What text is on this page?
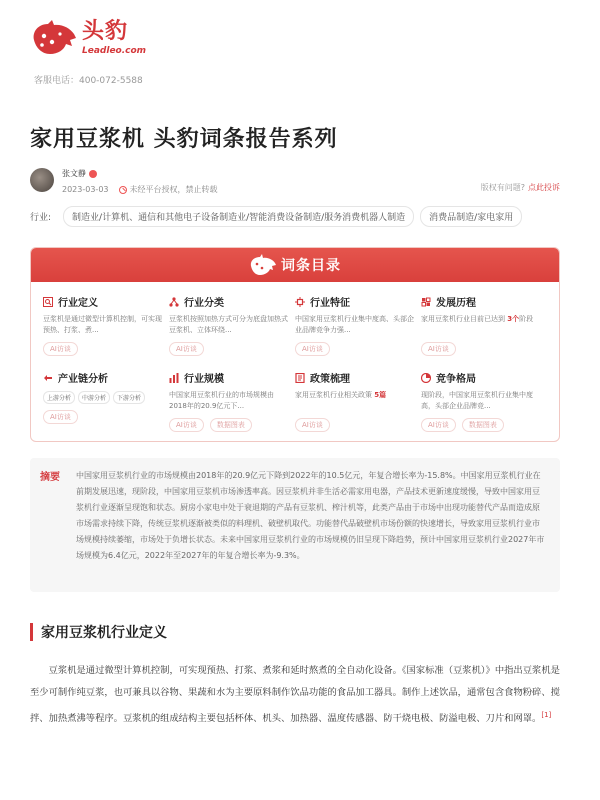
头豹
Leadleo.com
客服电话：400-072-5588
家用豆浆机 头豹词条报告系列
张文静
2023-03-03	未经平台授权，禁止转载	版权有问题? 点此投诉
行业:	制造业/计算机、通信和其他电子设备制造业/智能消费设备制造/服务消费机器人制造	消费品制造/家电家用
词条目录
行业定义
豆浆机是通过微型计算机控制，可实现预热、打浆、煮...
AI访谈
行业分类
豆浆机按照加热方式可分为底盘加热式豆浆机、立体环绕...
AI访谈
行业特征
中国家用豆浆机行业集中度高、头部企业品牌竞争力强...
AI访谈
发展历程
家用豆浆机行业目前已达到 3个阶段
AI访谈
产业链分析
上游分析	中游分析	下游分析
AI访谈
行业规模
中国家用豆浆机行业的市场规模由2018年的20.9亿元下...
AI访谈	数据图表
政策梳理
家用豆浆机行业相关政策 5篇
AI访谈
竞争格局
现阶段，中国家用豆浆机行业集中度高，头部企业品牌竞...
AI访谈	数据图表
摘要	中国家用豆浆机行业的市场规模由2018年的20.9亿元下降到2022年的10.5亿元，年复合增长率为-15.8%。中国家用豆浆机行业在前期发展迅速，现阶段，中国家用豆浆机市场渗透率高。因豆浆机并非生活必需家用电器，产品技术更新速度缓慢，导致中国家用豆浆机行业逐渐呈现饱和状态。厨房小家电中处于衰退期的产品有豆浆机、榨汁机等，此类产品由于市场中出现功能替代产品而造成原市场需求持续下降，传统豆浆机逐渐被类似的料理机、破壁机取代。功能替代品破壁机市场份额的快速增长，导致家用豆浆机行业市场规模持续萎缩，市场处于负增长状态。未来中国家用豆浆机行业的市场规模仍旧呈现下降趋势，预计中国家用豆浆机行业2027年市场规模为6.4亿元，2022年至2027年的年复合增长率为-9.3%。
家用豆浆机行业定义

豆浆机是通过微型计算机控制，可实现预热、打浆、煮浆和延时熬煮的全自动化设备。《国家标准（豆浆机）》中指出豆浆机是至少可制作纯豆浆，也可兼具以谷物、果蔬和水为主要原料制作饮品功能的食品加工器具。制作上述饮品，通常包含食物粉碎、搅拌、加热煮沸等程序。豆浆机的组成结构主要包括杯体、机头、加热器、温度传感器、防干烧电极、防溢电极、刀片和网罩。[1]
